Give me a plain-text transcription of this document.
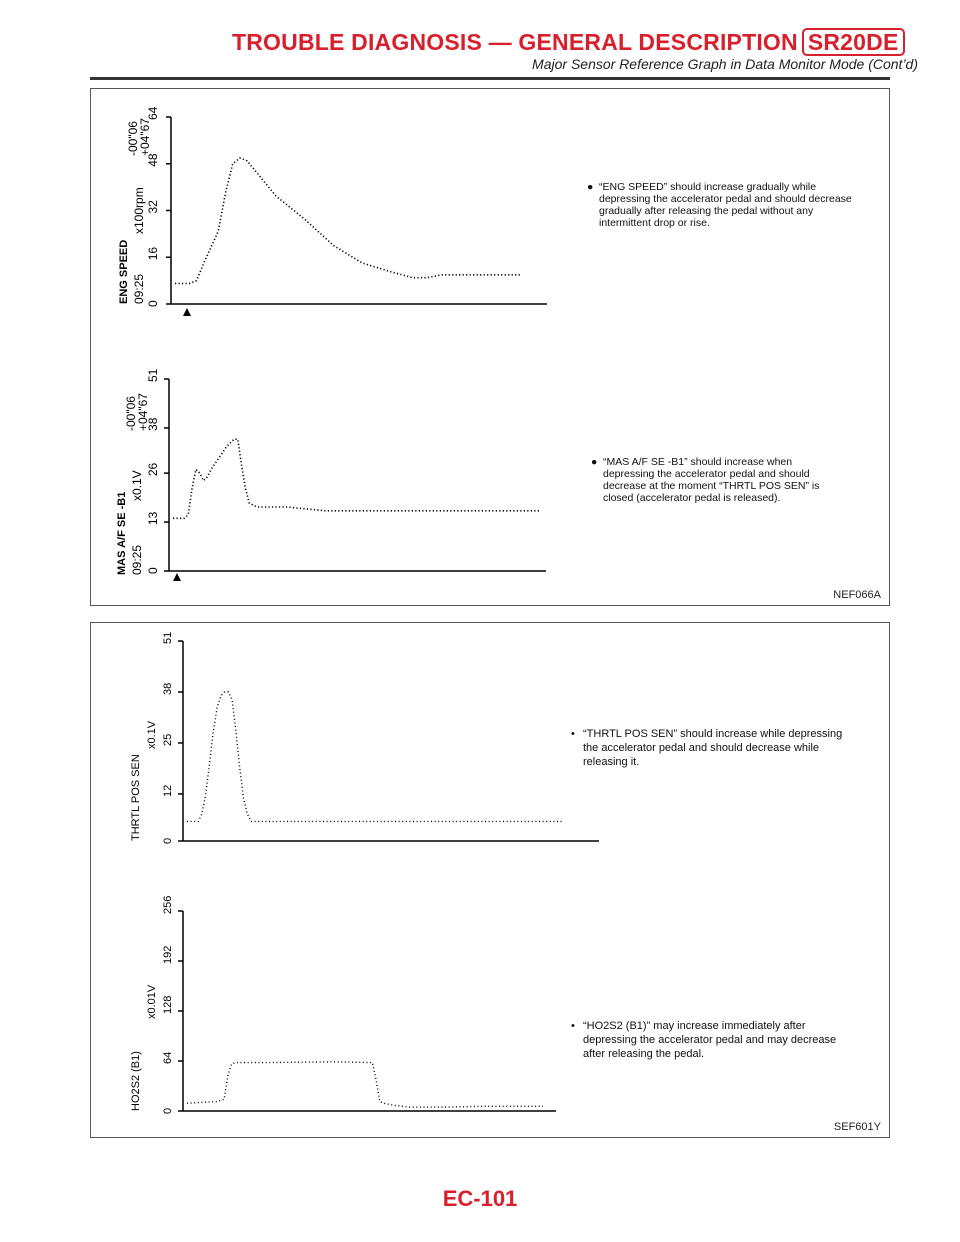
TROUBLE DIAGNOSIS — GENERAL DESCRIPTION SR20DE
Major Sensor Reference Graph in Data Monitor Mode (Cont’d)
ENG SPEED 09:25
x100rpm
-00"06
+04"67
0
16
32
48
64
MAS A/F SE -B1 09:25
x0.1V
-00"06
+04"67
0
13
26
38
51
● “ENG SPEED” should increase gradually while depressing the accelerator pedal and should decrease gradually after releasing the pedal without any intermittent drop or rise.
● “MAS A/F SE -B1” should increase when depressing the accelerator pedal and should decrease at the moment “THRTL POS SEN” is closed (accelerator pedal is released).
NEF066A
THRTL POS SEN
x0.1V
0
12
25
38
51
HO2S2 (B1)
x0.01V
0
64
128
192
256
• “THRTL POS SEN” should increase while depressing the accelerator pedal and should decrease while releasing it.
• “HO2S2 (B1)” may increase immediately after depressing the accelerator pedal and may decrease after releasing the pedal.
SEF601Y
EC-101
